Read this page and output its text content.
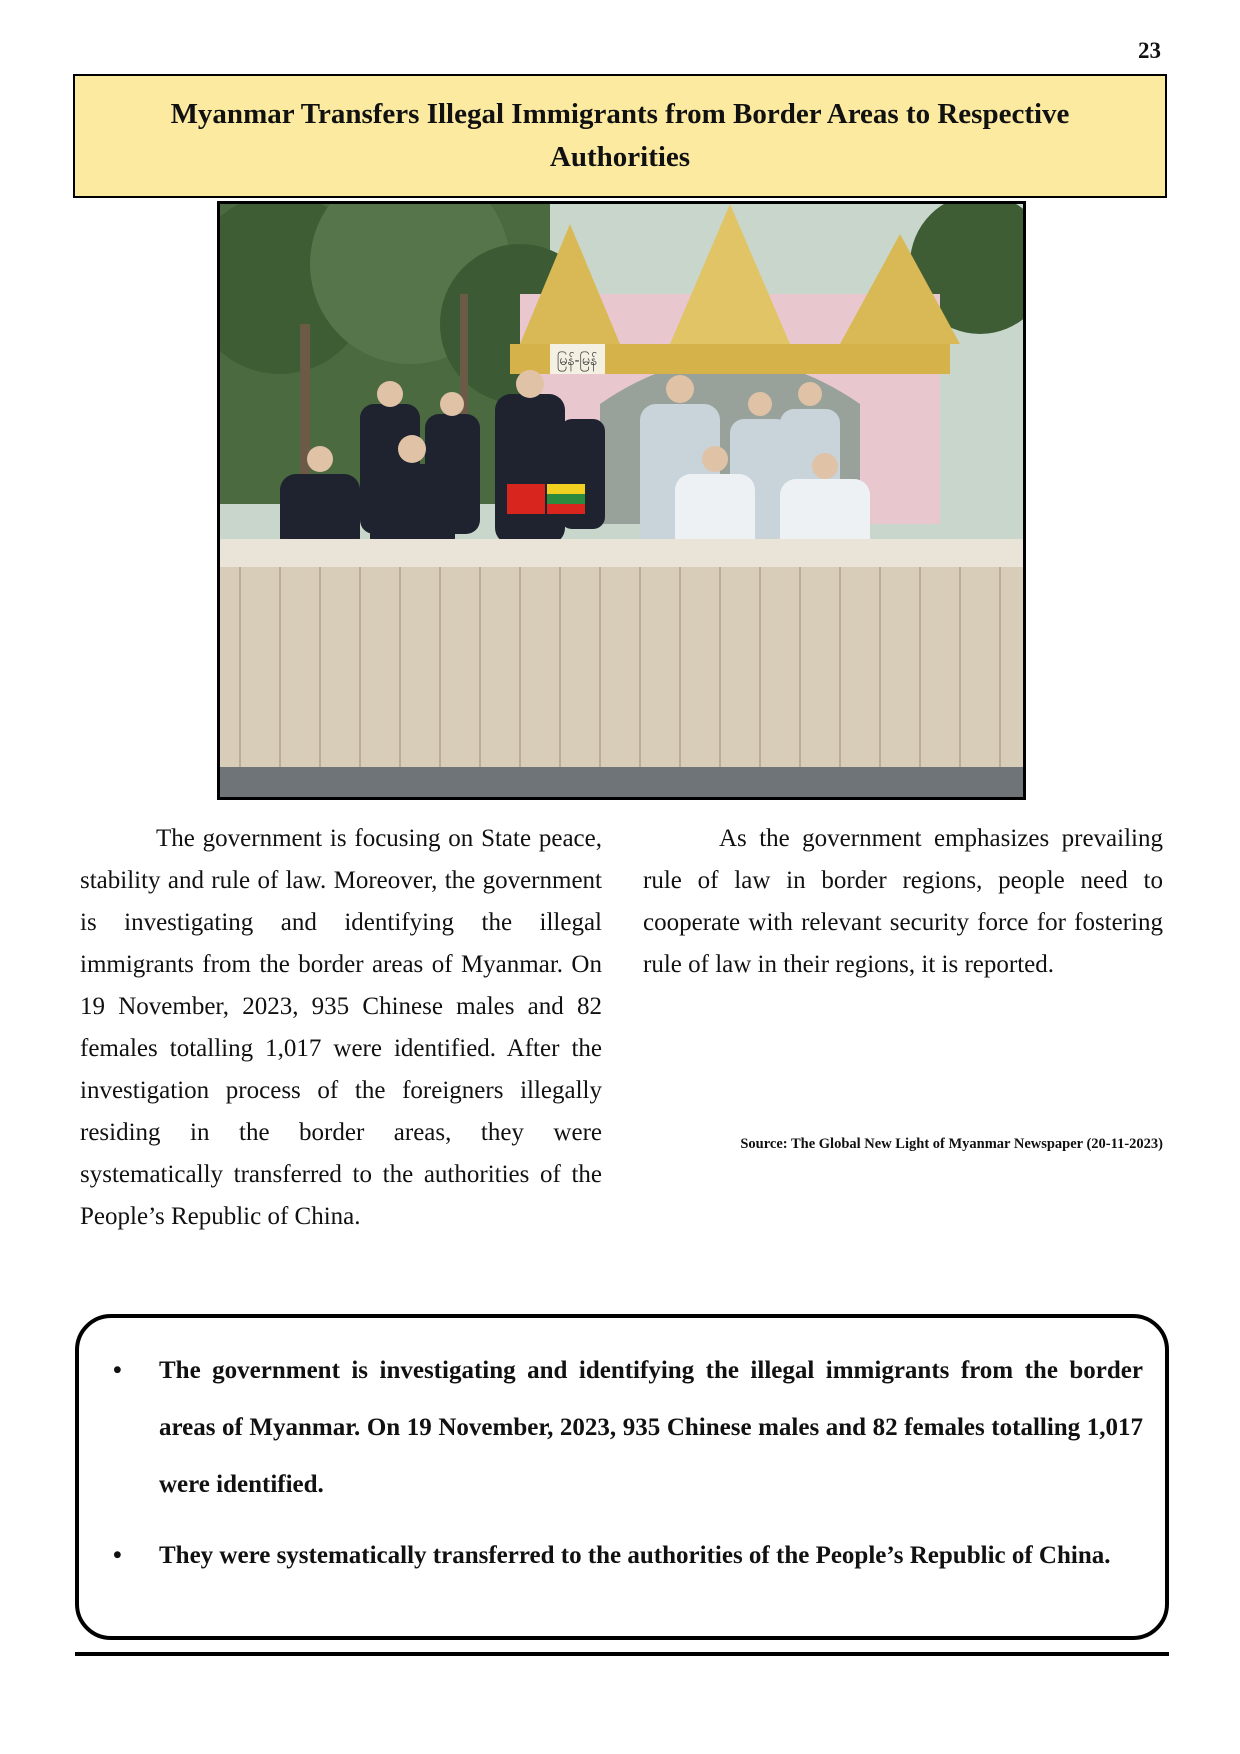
23
Myanmar Transfers Illegal Immigrants from Border Areas to Respective Authorities
မြန်-မြန်

The government is focusing on State peace, stability and rule of law. Moreover, the government is investigating and identifying the illegal immigrants from the border areas of Myanmar. On 19 November, 2023, 935 Chinese males and 82 females totalling 1,017 were identified. After the investigation process of the foreigners illegally residing in the border areas, they were systematically transferred to the authorities of the People’s Republic of China.

As the government emphasizes prevailing rule of law in border regions, people need to cooperate with relevant security force for fostering rule of law in their regions, it is reported.

Source: The Global New Light of Myanmar Newspaper (20-11-2023)
• The government is investigating and identifying the illegal immigrants from the border areas of Myanmar. On 19 November, 2023, 935 Chinese males and 82 females totalling 1,017 were identified.
• They were systematically transferred to the authorities of the People’s Republic of China.
